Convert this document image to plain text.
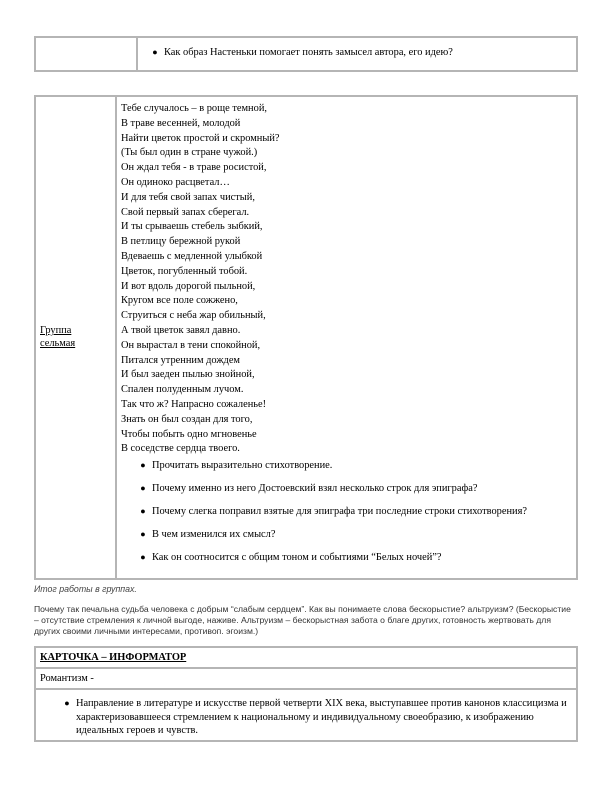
● Как образ Настеньки помогает понять замысел автора, его идею?
Группа
сельмая
Тебе случалось – в роще темной,
В траве весенней, молодой
Найти цветок простой и скромный?
(Ты был один в стране чужой.)
Он ждал тебя - в траве росистой,
Он одиноко расцветал…
И для тебя свой запах чистый,
Свой первый запах сберегал.
И ты срываешь стебель зыбкий,
В петлицу бережной рукой
Вдеваешь с медленной улыбкой
Цветок, погубленный тобой.
И вот вдоль дорогой пыльной,
Кругом все поле сожжено,
Струиться с неба жар обильный,
А твой цветок завял давно.
Он вырастал в тени спокойной,
Питался утренним дождем
И был заеден пылью знойной,
Спален полуденным лучом.
Так что ж? Напрасно сожаленье!
Знать он был создан для того,
Чтобы побыть одно мгновенье
В соседстве сердца твоего.
● Прочитать выразительно стихотворение.
● Почему именно из него Достоевский взял несколько строк для эпиграфа?
● Почему слегка поправил взятые для эпиграфа три последние строки стихотворения?
● В чем изменился их смысл?
● Как он соотносится с общим тоном и событиями “Белых ночей”?
Итог работы в группах.
Почему так печальна судьба человека с добрым “слабым сердцем”. Как вы понимаете слова бескорыстие? альтруизм? (Бескорыстие – отсутствие стремления к личной выгоде, наживе. Альтруизм – бескорыстная забота о благе других, готовность жертвовать для других своими личными интересами, противоп. эгоизм.)
КАРТОЧКА – ИНФОРМАТОР
Романтизм -
● Направление в литературе и искусстве первой четверти XIX века, выступавшее против канонов классицизма и характеризовавшееся стремлением к национальному и индивидуальному своеобразию, к изображению идеальных героев и чувств.
